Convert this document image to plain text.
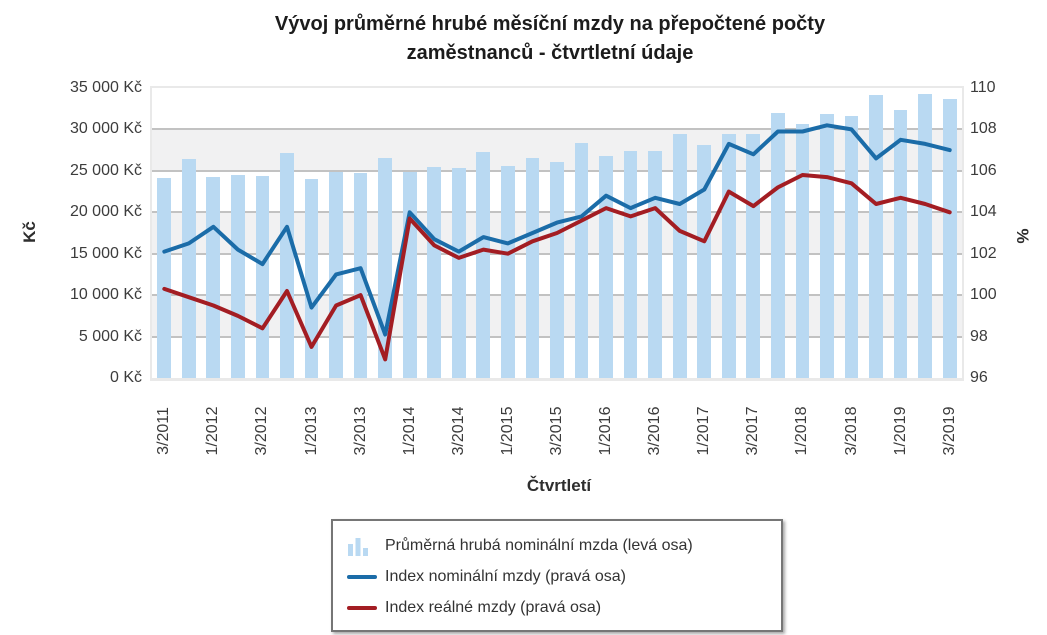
Vývoj průměrné hrubé měsíční mzdy na přepočtené počty
zaměstnanců - čtvrtletní údaje
Kč	%
0 Kč
5 000 Kč
10 000 Kč
15 000 Kč
20 000 Kč
25 000 Kč
30 000 Kč
35 000 Kč
96
98
100
102
104
106
108
110
3/2011 1/2012 3/2012 1/2013 3/2013 1/2014 3/2014 1/2015 3/2015 1/2016 3/2016 1/2017 3/2017 1/2018 3/2018 1/2019 3/2019
Čtvrtletí
Průměrná hrubá nominální mzda (levá osa)
Index nominální mzdy (pravá osa)
Index reálné mzdy (pravá osa)
